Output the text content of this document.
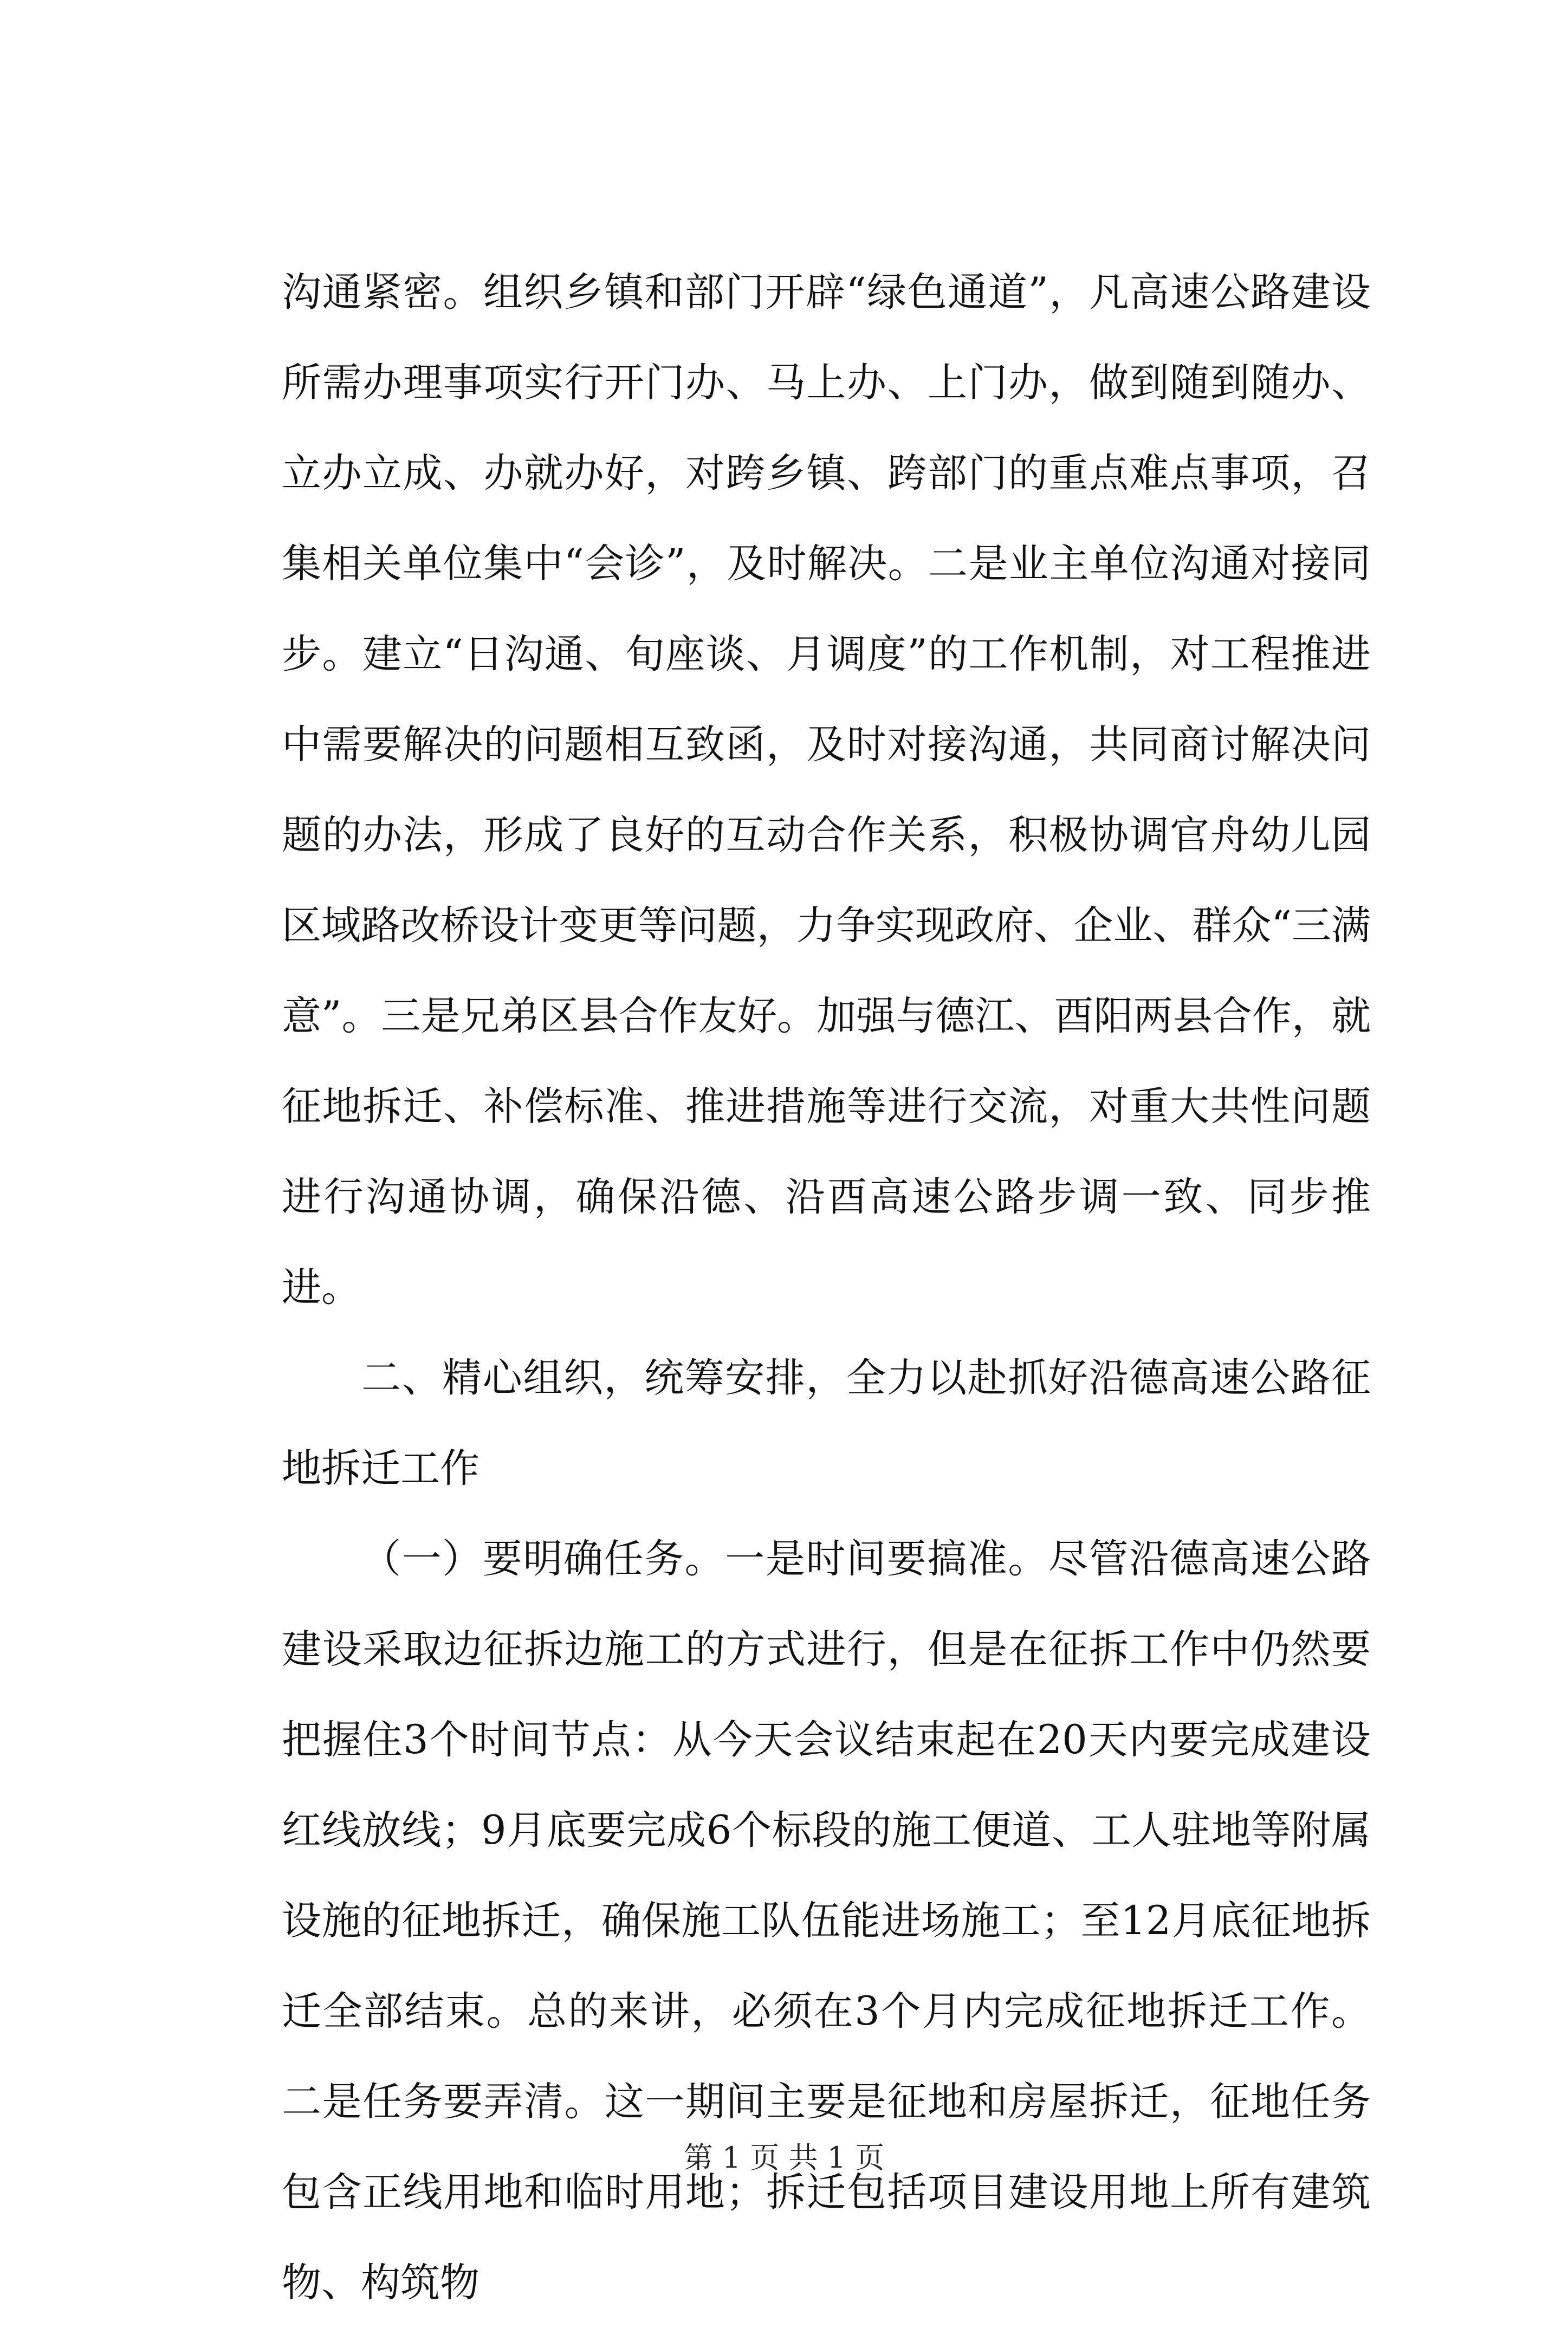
沟通紧密。组织乡镇和部门开辟“绿色通道”，凡高速公路建设所需办理事项实行开门办、马上办、上门办，做到随到随办、立办立成、办就办好，对跨乡镇、跨部门的重点难点事项，召集相关单位集中“会诊”，及时解决。二是业主单位沟通对接同步。建立“日沟通、旬座谈、月调度”的工作机制，对工程推进中需要解决的问题相互致函，及时对接沟通，共同商讨解决问题的办法，形成了良好的互动合作关系，积极协调官舟幼儿园区域路改桥设计变更等问题，力争实现政府、企业、群众“三满意”。三是兄弟区县合作友好。加强与德江、酉阳两县合作，就征地拆迁、补偿标准、推进措施等进行交流，对重大共性问题进行沟通协调，确保沿德、沿酉高速公路步调一致、同步推进。

二、精心组织，统筹安排，全力以赴抓好沿德高速公路征地拆迁工作

（一）要明确任务。一是时间要搞准。尽管沿德高速公路建设采取边征拆边施工的方式进行，但是在征拆工作中仍然要把握住3个时间节点：从今天会议结束起在20天内要完成建设红线放线；9月底要完成6个标段的施工便道、工人驻地等附属设施的征地拆迁，确保施工队伍能进场施工；至12月底征地拆迁全部结束。总的来讲，必须在3个月内完成征地拆迁工作。二是任务要弄清。这一期间主要是征地和房屋拆迁，征地任务包含正线用地和临时用地；拆迁包括项目建设用地上所有建筑物、构筑物

第 1 页 共 1 页
